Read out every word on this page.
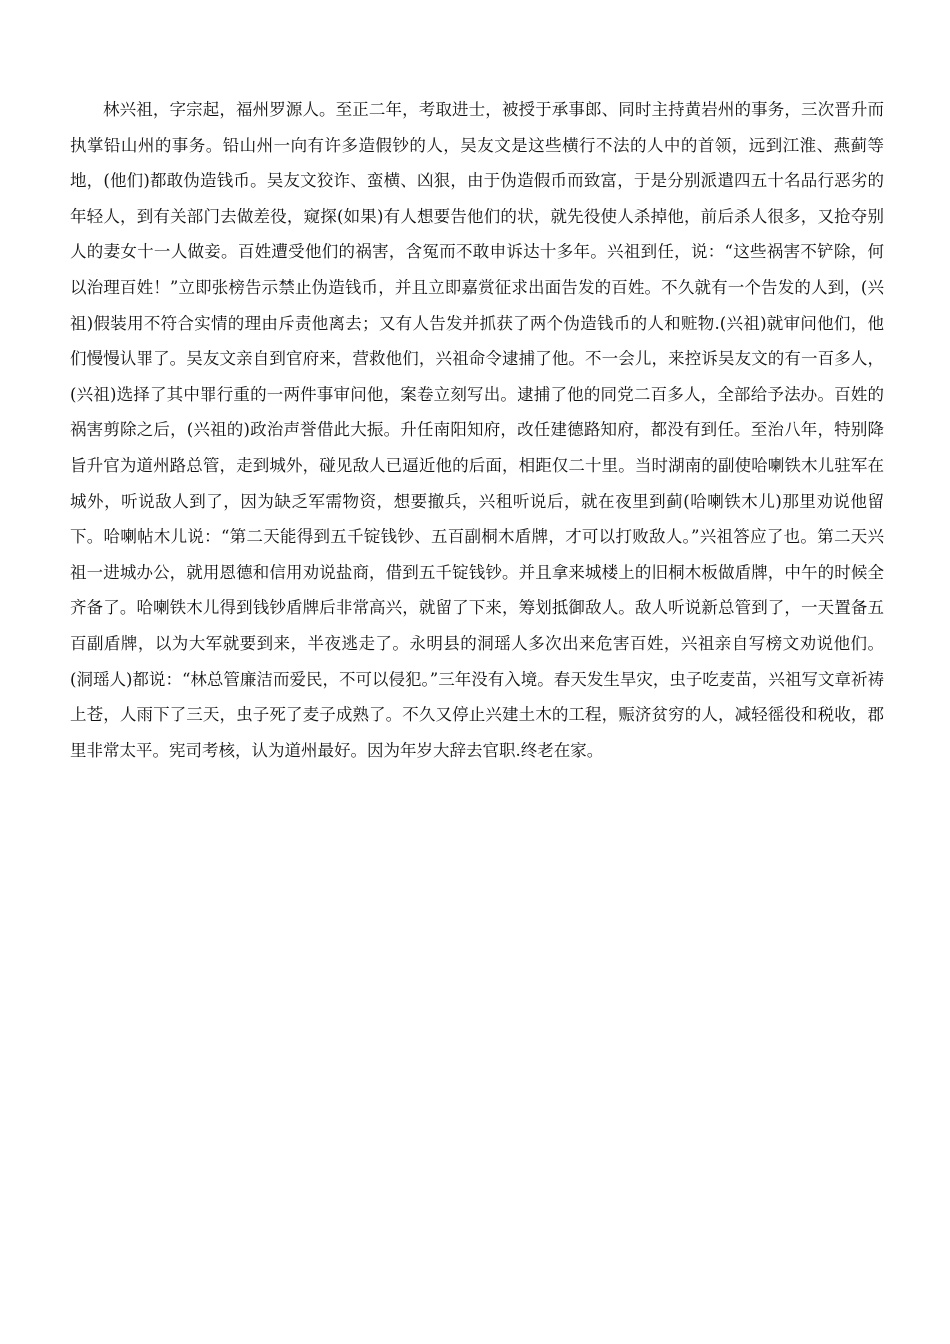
林兴祖，字宗起，福州罗源人。至正二年，考取进士，被授于承事郎、同时主持黄岩州的事务，三次晋升而执掌铅山州的事务。铅山州一向有许多造假钞的人，吴友文是这些横行不法的人中的首领，远到江淮、燕蓟等地，(他们)都敢伪造钱币。吴友文狡诈、蛮横、凶狠，由于伪造假币而致富，于是分别派遣四五十名品行恶劣的年轻人，到有关部门去做差役，窥探(如果)有人想要告他们的状，就先役使人杀掉他，前后杀人很多，又抢夺别人的妻女十一人做妾。百姓遭受他们的祸害，含冤而不敢申诉达十多年。兴祖到任，说：“这些祸害不铲除，何以治理百姓！”立即张榜告示禁止伪造钱币，并且立即嘉赏征求出面告发的百姓。不久就有一个告发的人到，(兴祖)假装用不符合实情的理由斥责他离去；又有人告发并抓获了两个伪造钱币的人和赃物.(兴祖)就审问他们，他们慢慢认罪了。吴友文亲自到官府来，营救他们，兴祖命令逮捕了他。不一会儿，来控诉吴友文的有一百多人，(兴祖)选择了其中罪行重的一两件事审问他，案卷立刻写出。逮捕了他的同党二百多人，全部给予法办。百姓的祸害剪除之后，(兴祖的)政治声誉借此大振。升任南阳知府，改任建德路知府，都没有到任。至治八年，特别降旨升官为道州路总管，走到城外，碰见敌人已逼近他的后面，相距仅二十里。当时湖南的副使哈喇铁木儿驻军在城外，听说敌人到了，因为缺乏军需物资，想要撤兵，兴租听说后，就在夜里到蓟(哈喇铁木儿)那里劝说他留下。哈喇帖木儿说：“第二天能得到五千锭钱钞、五百副桐木盾牌，才可以打败敌人。”兴祖答应了也。第二天兴祖一进城办公，就用恩德和信用劝说盐商，借到五千锭钱钞。并且拿来城楼上的旧桐木板做盾牌，中午的时候全齐备了。哈喇铁木儿得到钱钞盾牌后非常高兴，就留了下来，筹划抵御敌人。敌人听说新总管到了，一天置备五百副盾牌，以为大军就要到来，半夜逃走了。永明县的洞瑶人多次出来危害百姓，兴祖亲自写榜文劝说他们。(洞瑶人)都说：“林总管廉洁而爱民，不可以侵犯。”三年没有入境。春天发生旱灾，虫子吃麦苗，兴祖写文章祈祷上苍，人雨下了三天，虫子死了麦子成熟了。不久又停止兴建土木的工程，赈济贫穷的人，减轻徭役和税收，郡里非常太平。宪司考核，认为道州最好。因为年岁大辞去官职.终老在家。
